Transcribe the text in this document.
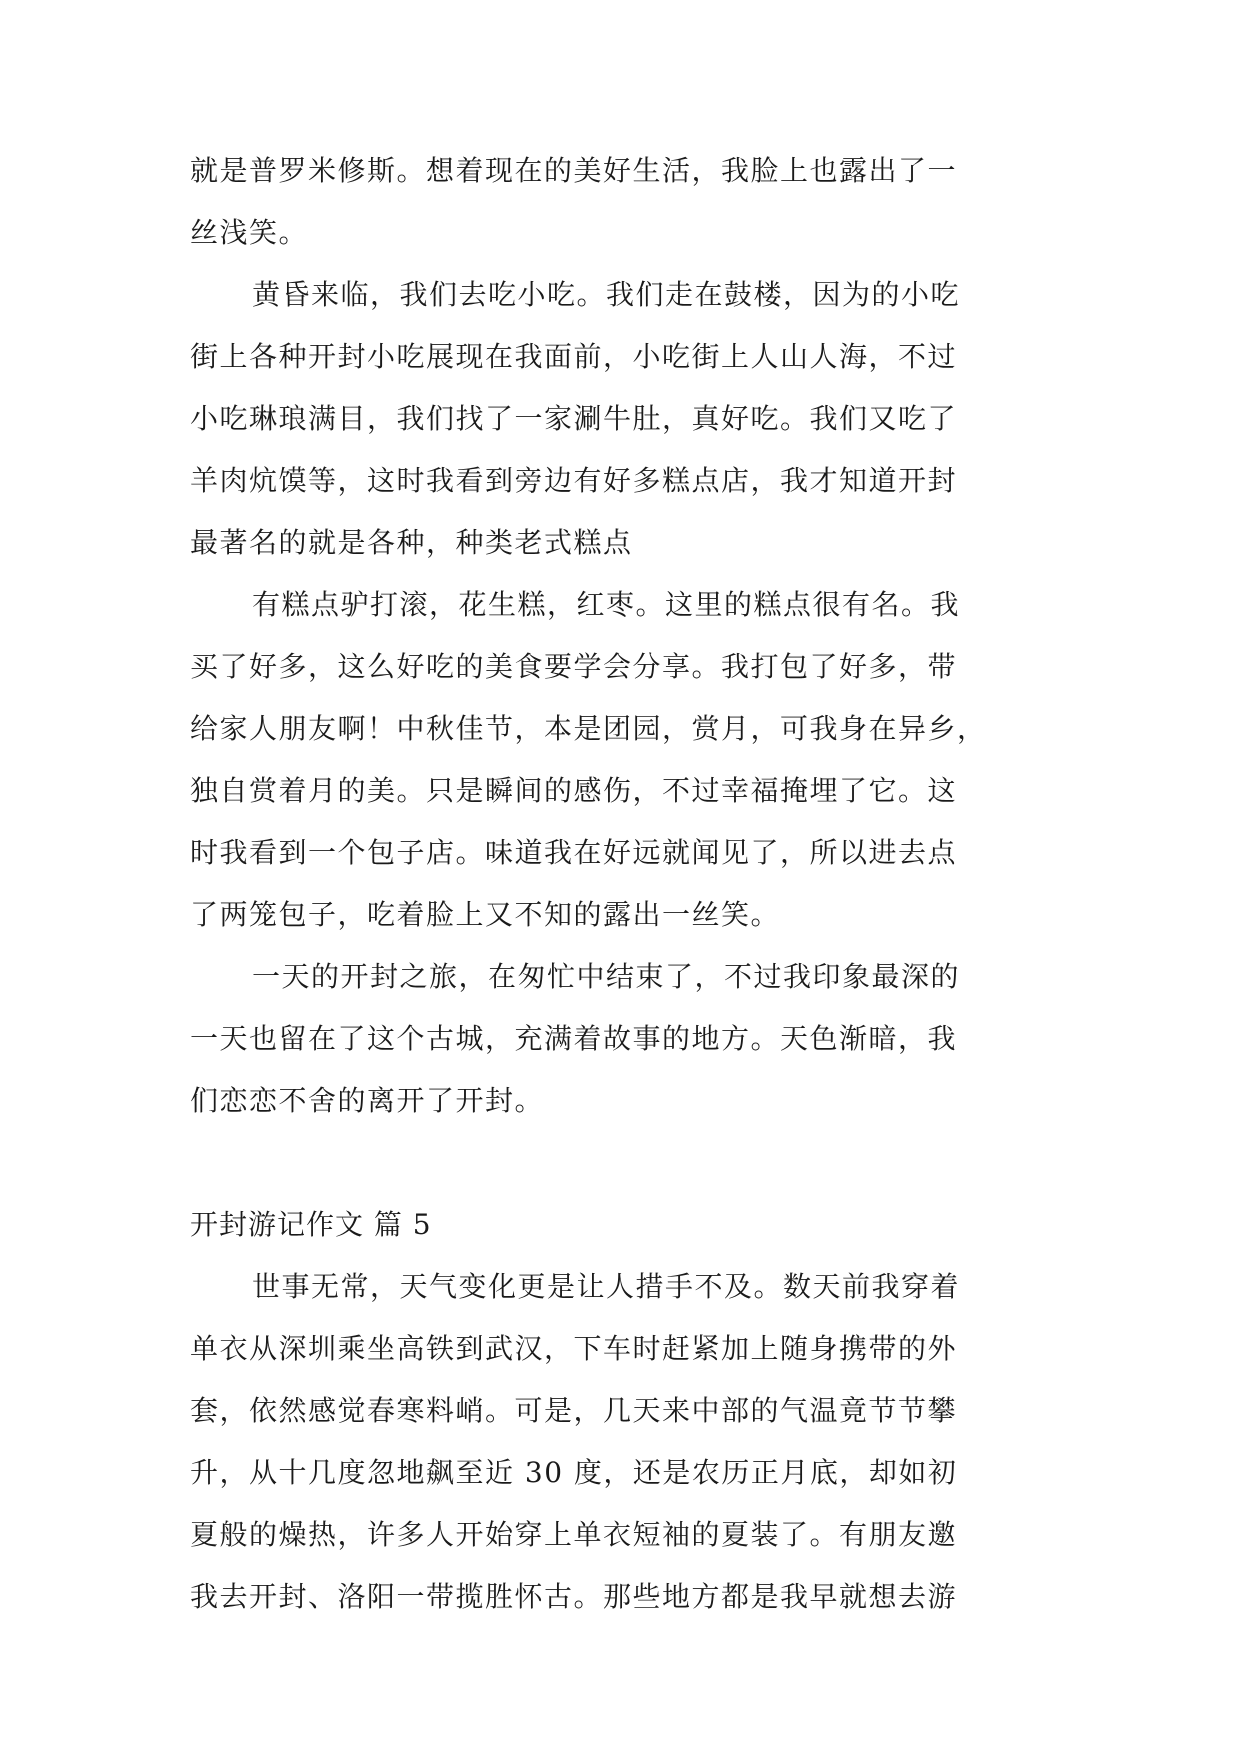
就是普罗米修斯。想着现在的美好生活，我脸上也露出了一
丝浅笑。
黄昏来临，我们去吃小吃。我们走在鼓楼，因为的小吃
街上各种开封小吃展现在我面前，小吃街上人山人海，不过
小吃琳琅满目，我们找了一家涮牛肚，真好吃。我们又吃了
羊肉炕馍等，这时我看到旁边有好多糕点店，我才知道开封
最著名的就是各种，种类老式糕点
有糕点驴打滚，花生糕，红枣。这里的糕点很有名。我
买了好多，这么好吃的美食要学会分享。我打包了好多，带
给家人朋友啊！中秋佳节，本是团园，赏月，可我身在异乡，
独自赏着月的美。只是瞬间的感伤，不过幸福掩埋了它。这
时我看到一个包子店。味道我在好远就闻见了，所以进去点
了两笼包子，吃着脸上又不知的露出一丝笑。
一天的开封之旅，在匆忙中结束了，不过我印象最深的
一天也留在了这个古城，充满着故事的地方。天色渐暗，我
们恋恋不舍的离开了开封。
开封游记作文 篇 5
世事无常，天气变化更是让人措手不及。数天前我穿着
单衣从深圳乘坐高铁到武汉，下车时赶紧加上随身携带的外
套，依然感觉春寒料峭。可是，几天来中部的气温竟节节攀
升，从十几度忽地飙至近 30 度，还是农历正月底，却如初
夏般的燥热，许多人开始穿上单衣短袖的夏装了。有朋友邀
我去开封、洛阳一带揽胜怀古。那些地方都是我早就想去游
